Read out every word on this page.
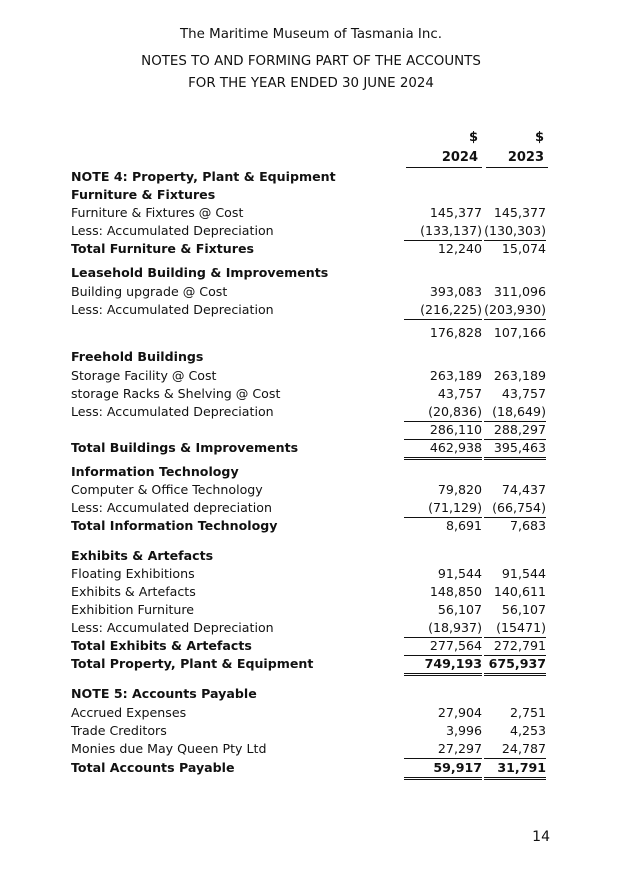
The Maritime Museum of Tasmania Inc.
NOTES TO AND FORMING PART OF THE ACCOUNTS
FOR THE YEAR ENDED 30 JUNE 2024
$	$
2024	2023
NOTE 4: Property, Plant & Equipment
Furniture & Fixtures
Furniture & Fixtures @ Cost	145,377 145,377
Less: Accumulated Depreciation	(133,137) (130,303)
Total Furniture & Fixtures	12,240	15,074
Leasehold Building & Improvements
Building upgrade @ Cost	393,083 311,096
Less: Accumulated Depreciation	(216,225) (203,930)
176,828 107,166
Freehold Buildings
Storage Facility @ Cost	263,189 263,189
storage Racks & Shelving @ Cost	43,757	43,757
Less: Accumulated Depreciation	(20,836) (18,649)
286,110 288,297
Total Buildings & Improvements	462,938 395,463
Information Technology
Computer & Office Technology	79,820	74,437
Less: Accumulated depreciation	(71,129) (66,754)
Total Information Technology	8,691	7,683
Exhibits & Artefacts
Floating Exhibitions	91,544	91,544
Exhibits & Artefacts	148,850 140,611
Exhibition Furniture	56,107	56,107
Less: Accumulated Depreciation	(18,937)	(15471)
Total Exhibits & Artefacts	277,564 272,791
Total Property, Plant & Equipment	749,193 675,937
NOTE 5: Accounts Payable
Accrued Expenses	27,904	2,751
Trade Creditors	3,996	4,253
Monies due May Queen Pty Ltd	27,297	24,787
Total Accounts Payable	59,917	31,791
14
